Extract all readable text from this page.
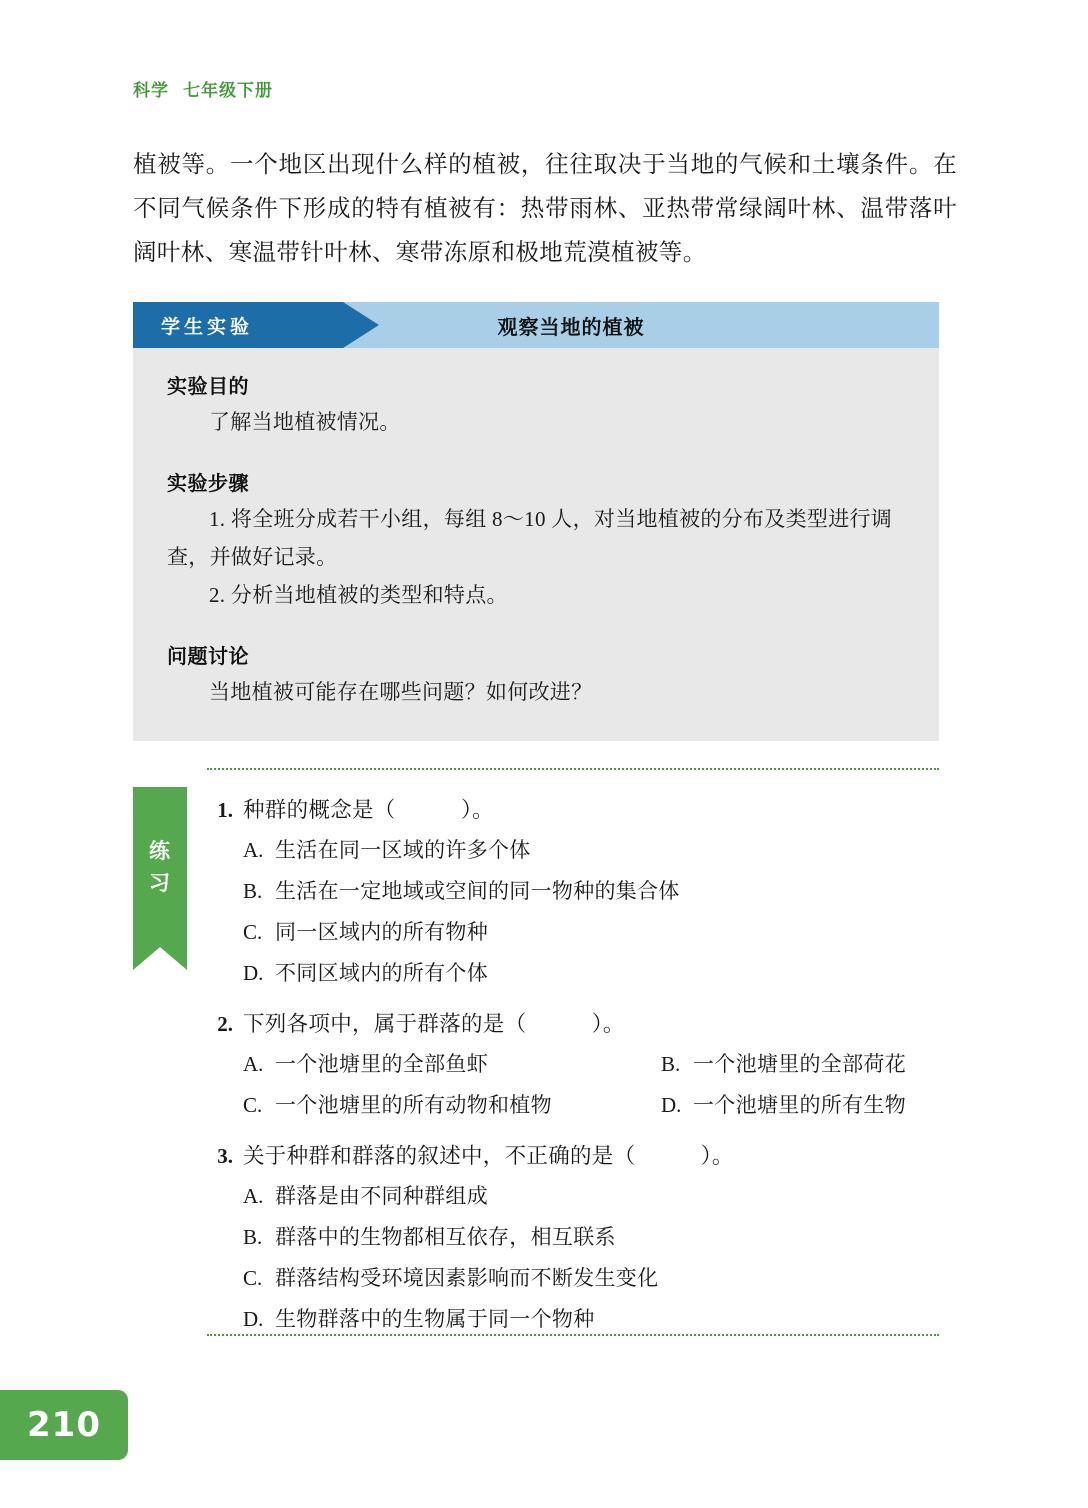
科学 七年级下册

植被等。一个地区出现什么样的植被，往往取决于当地的气候和土壤条件。在不同气候条件下形成的特有植被有：热带雨林、亚热带常绿阔叶林、温带落叶阔叶林、寒温带针叶林、寒带冻原和极地荒漠植被等。

学生实验	观察当地的植被
实验目的

了解当地植被情况。

实验步骤

1. 将全班分成若干小组，每组 8～10 人，对当地植被的分布及类型进行调查，并做好记录。

2. 分析当地植被的类型和特点。

问题讨论

当地植被可能存在哪些问题？如何改进？

练
习
1. 种群的概念是（　　　）。
A. 生活在同一区域的许多个体
B. 生活在一定地域或空间的同一物种的集合体
C. 同一区域内的所有物种
D. 不同区域内的所有个体
2. 下列各项中，属于群落的是（　　　）。
A. 一个池塘里的全部鱼虾	B. 一个池塘里的全部荷花
C. 一个池塘里的所有动物和植物	D. 一个池塘里的所有生物
3. 关于种群和群落的叙述中，不正确的是（　　　）。
A. 群落是由不同种群组成
B. 群落中的生物都相互依存，相互联系
C. 群落结构受环境因素影响而不断发生变化
D. 生物群落中的生物属于同一个物种
210
